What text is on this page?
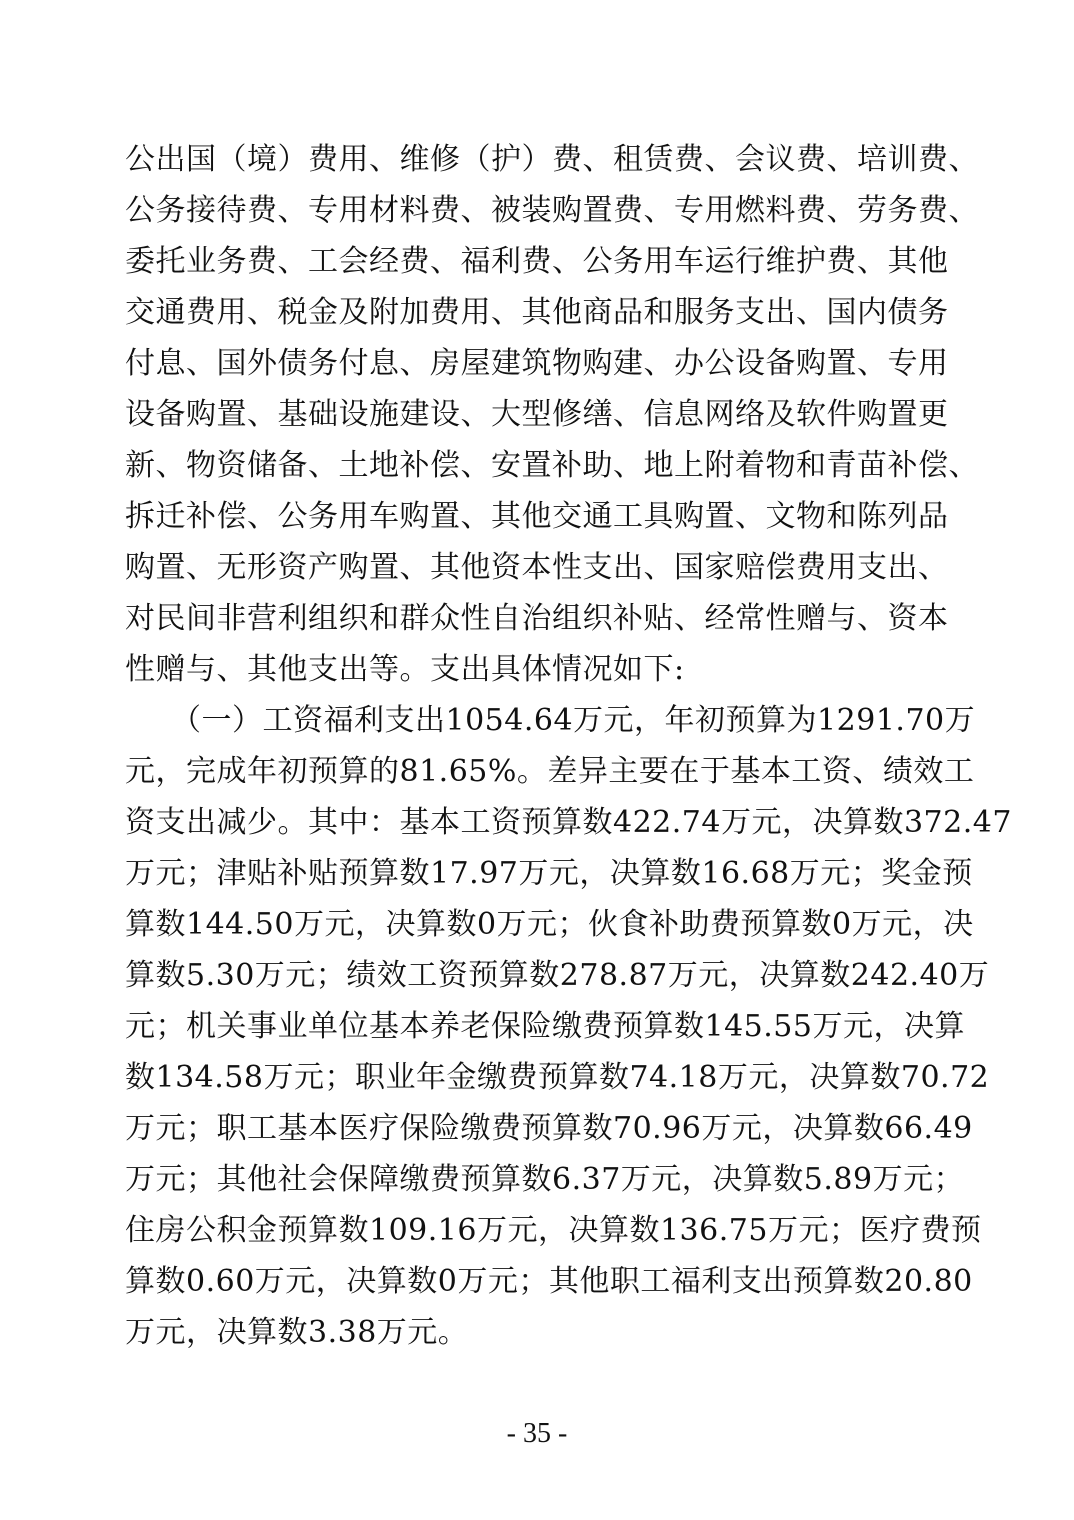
公出国（境）费用、维修（护）费、租赁费、会议费、培训费、
公务接待费、专用材料费、被装购置费、专用燃料费、劳务费、
委托业务费、工会经费、福利费、公务用车运行维护费、其他
交通费用、税金及附加费用、其他商品和服务支出、国内债务
付息、国外债务付息、房屋建筑物购建、办公设备购置、专用
设备购置、基础设施建设、大型修缮、信息网络及软件购置更
新、物资储备、土地补偿、安置补助、地上附着物和青苗补偿、
拆迁补偿、公务用车购置、其他交通工具购置、文物和陈列品
购置、无形资产购置、其他资本性支出、国家赔偿费用支出、
对民间非营利组织和群众性自治组织补贴、经常性赠与、资本
性赠与、其他支出等。支出具体情况如下:
　　（一）工资福利支出1054.64万元，年初预算为1291.70万
元，完成年初预算的81.65%。差异主要在于基本工资、绩效工
资支出减少。其中：基本工资预算数422.74万元，决算数372.47
万元；津贴补贴预算数17.97万元，决算数16.68万元；奖金预
算数144.50万元，决算数0万元；伙食补助费预算数0万元，决
算数5.30万元；绩效工资预算数278.87万元，决算数242.40万
元；机关事业单位基本养老保险缴费预算数145.55万元，决算
数134.58万元；职业年金缴费预算数74.18万元，决算数70.72
万元；职工基本医疗保险缴费预算数70.96万元，决算数66.49
万元；其他社会保障缴费预算数6.37万元，决算数5.89万元；
住房公积金预算数109.16万元，决算数136.75万元；医疗费预
算数0.60万元，决算数0万元；其他职工福利支出预算数20.80
万元，决算数3.38万元。
- 35 -
